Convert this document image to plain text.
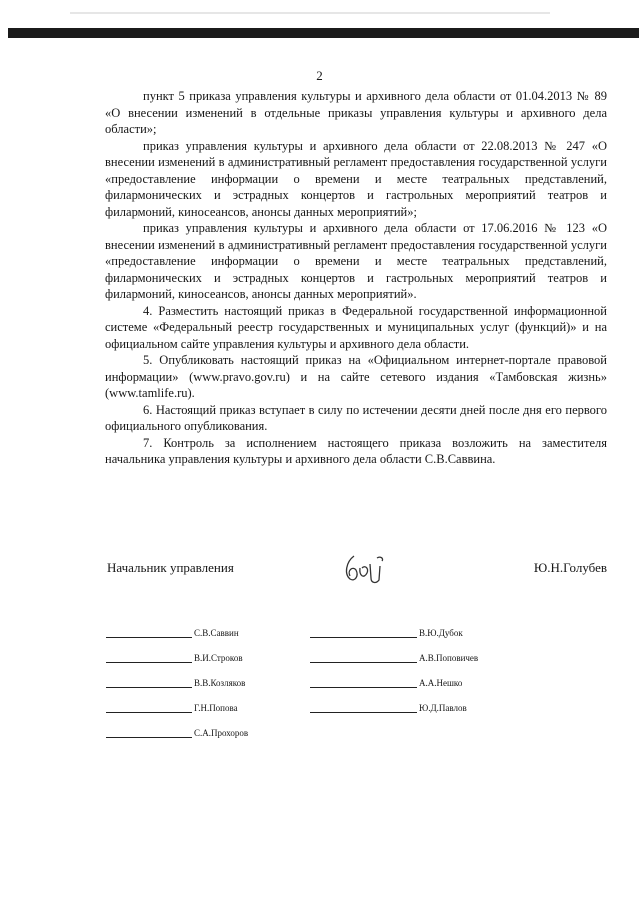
2

пункт 5 приказа управления культуры и архивного дела области от 01.04.2013 № 89 «О внесении изменений в отдельные приказы управления культуры и архивного дела области»;

приказ управления культуры и архивного дела области от 22.08.2013 № 247 «О внесении изменений в административный регламент предоставления государственной услуги «предоставление информации о времени и месте театральных представлений, филармонических и эстрадных концертов и гастрольных мероприятий театров и филармоний, киносеансов, анонсы данных мероприятий»;

приказ управления культуры и архивного дела области от 17.06.2016 № 123 «О внесении изменений в административный регламент предоставления государственной услуги «предоставление информации о времени и месте театральных представлений, филармонических и эстрадных концертов и гастрольных мероприятий театров и филармоний, киносеансов, анонсы данных мероприятий».

4. Разместить настоящий приказ в Федеральной государственной информационной системе «Федеральный реестр государственных и муниципальных услуг (функций)» и на официальном сайте управления культуры и архивного дела области.

5. Опубликовать настоящий приказ на «Официальном интернет-портале правовой информации» (www.pravo.gov.ru) и на сайте сетевого издания «Тамбовская жизнь» (www.tamlife.ru).

6. Настоящий приказ вступает в силу по истечении десяти дней после дня его первого официального опубликования.

7. Контроль за исполнением настоящего приказа возложить на заместителя начальника управления культуры и архивного дела области С.В.Саввина.

Начальник управления	Ю.Н.Голубев
С.В.Саввин
В.И.Строков
В.В.Козляков
Г.Н.Попова
С.А.Прохоров
В.Ю.Дубок
А.В.Поповичев
А.А.Нешко
Ю.Д.Павлов
